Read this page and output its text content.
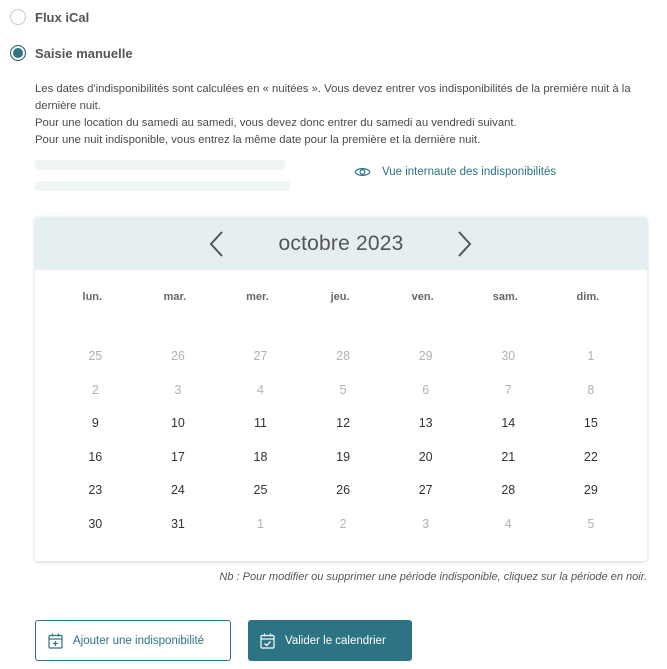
Flux iCal
Saisie manuelle
Les dates d'indisponibilités sont calculées en « nuitées ». Vous devez entrer vos indisponibilités de la première nuit à la dernière nuit.
Pour une location du samedi au samedi, vous devez donc entrer du samedi au vendredi suivant.
Pour une nuit indisponible, vous entrez la même date pour la première et la dernière nuit.
Vue internaute des indisponibilités
octobre 2023
lun.	mar.	mer.	jeu.	ven.	sam.	dim.
25	26	27	28	29	30	1
2	3	4	5	6	7	8
9	10	11	12	13	14	15
16	17	18	19	20	21	22
23	24	25	26	27	28	29
30	31	1	2	3	4	5
Nb : Pour modifier ou supprimer une période indisponible, cliquez sur la période en noir.
Ajouter une indisponibilité	Valider le calendrier
